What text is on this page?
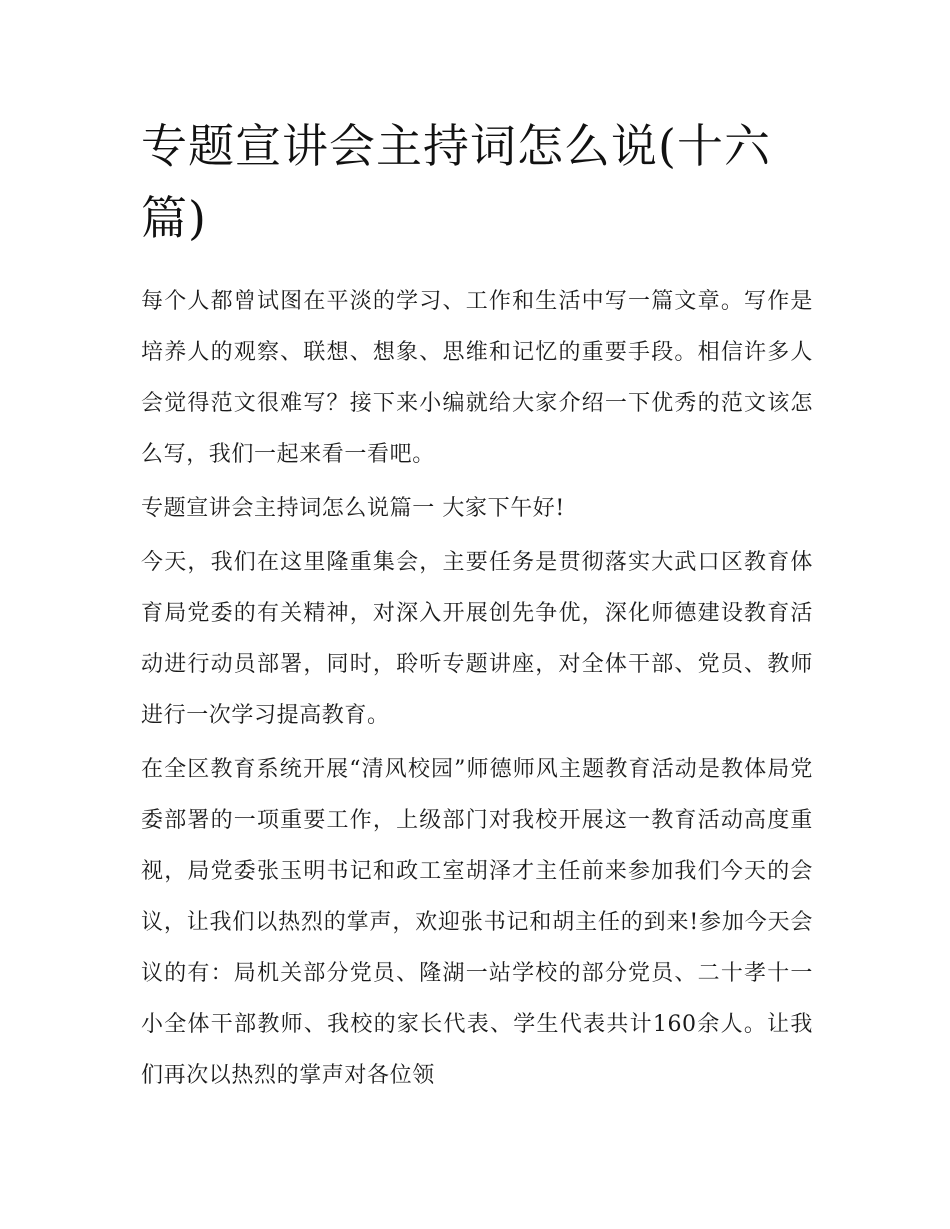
专题宣讲会主持词怎么说(十六篇)

每个人都曾试图在平淡的学习、工作和生活中写一篇文章。写作是培养人的观察、联想、想象、思维和记忆的重要手段。相信许多人会觉得范文很难写？接下来小编就给大家介绍一下优秀的范文该怎么写，我们一起来看一看吧。

专题宣讲会主持词怎么说篇一 大家下午好!

今天，我们在这里隆重集会，主要任务是贯彻落实大武口区教育体育局党委的有关精神，对深入开展创先争优，深化师德建设教育活动进行动员部署，同时，聆听专题讲座，对全体干部、党员、教师进行一次学习提高教育。

在全区教育系统开展“清风校园”师德师风主题教育活动是教体局党委部署的一项重要工作，上级部门对我校开展这一教育活动高度重视，局党委张玉明书记和政工室胡泽才主任前来参加我们今天的会议，让我们以热烈的掌声，欢迎张书记和胡主任的到来!参加今天会议的有：局机关部分党员、隆湖一站学校的部分党员、二十孝十一小全体干部教师、我校的家长代表、学生代表共计160余人。让我们再次以热烈的掌声对各位领
